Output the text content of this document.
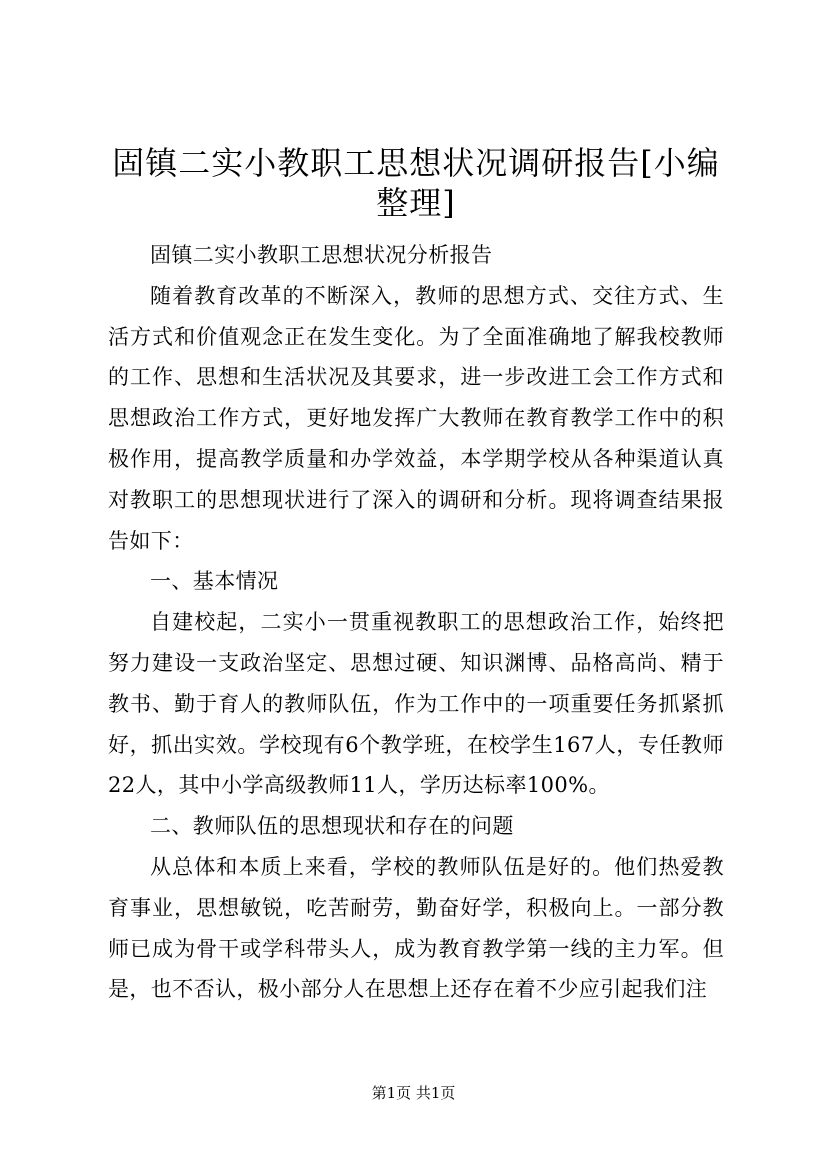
固镇二实小教职工思想状况调研报告[小编整理]

固镇二实小教职工思想状况分析报告

随着教育改革的不断深入，教师的思想方式、交往方式、生活方式和价值观念正在发生变化。为了全面准确地了解我校教师的工作、思想和生活状况及其要求，进一步改进工会工作方式和思想政治工作方式，更好地发挥广大教师在教育教学工作中的积极作用，提高教学质量和办学效益，本学期学校从各种渠道认真对教职工的思想现状进行了深入的调研和分析。现将调查结果报告如下：

一、基本情况

自建校起，二实小一贯重视教职工的思想政治工作，始终把努力建设一支政治坚定、思想过硬、知识渊博、品格高尚、精于教书、勤于育人的教师队伍，作为工作中的一项重要任务抓紧抓好，抓出实效。学校现有6个教学班，在校学生167人，专任教师22人，其中小学高级教师11人，学历达标率100%。

二、教师队伍的思想现状和存在的问题

从总体和本质上来看，学校的教师队伍是好的。他们热爱教育事业，思想敏锐，吃苦耐劳，勤奋好学，积极向上。一部分教师已成为骨干或学科带头人，成为教育教学第一线的主力军。但是，也不否认，极小部分人在思想上还存在着不少应引起我们注

第1页 共1页
